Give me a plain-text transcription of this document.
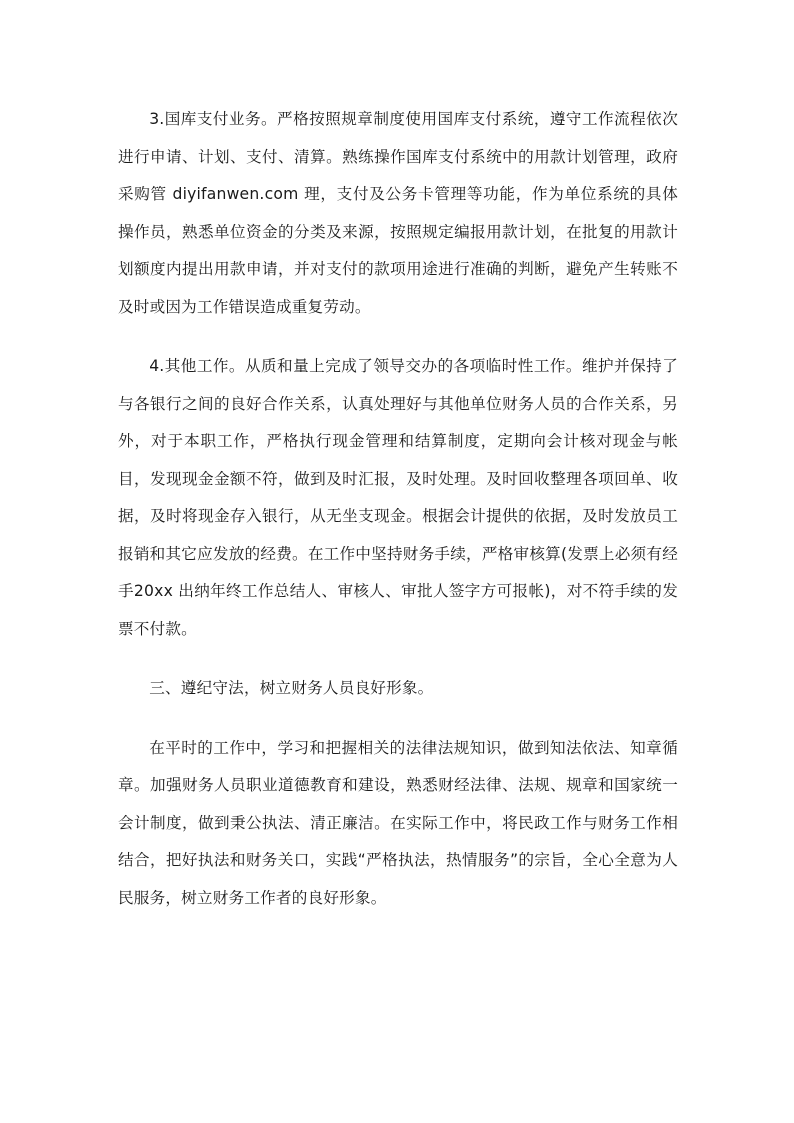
3.国库支付业务。严格按照规章制度使用国库支付系统，遵守工作流程依次进行申请、计划、支付、清算。熟练操作国库支付系统中的用款计划管理，政府采购管 diyifanwen.com 理，支付及公务卡管理等功能，作为单位系统的具体操作员，熟悉单位资金的分类及来源，按照规定编报用款计划，在批复的用款计划额度内提出用款申请，并对支付的款项用途进行准确的判断，避免产生转账不及时或因为工作错误造成重复劳动。

4.其他工作。从质和量上完成了领导交办的各项临时性工作。维护并保持了与各银行之间的良好合作关系，认真处理好与其他单位财务人员的合作关系，另外，对于本职工作，严格执行现金管理和结算制度，定期向会计核对现金与帐目，发现现金金额不符，做到及时汇报，及时处理。及时回收整理各项回单、收据，及时将现金存入银行，从无坐支现金。根据会计提供的依据，及时发放员工报销和其它应发放的经费。在工作中坚持财务手续，严格审核算(发票上必须有经手20xx 出纳年终工作总结人、审核人、审批人签字方可报帐)，对不符手续的发票不付款。

三、遵纪守法，树立财务人员良好形象。

在平时的工作中，学习和把握相关的法律法规知识，做到知法依法、知章循章。加强财务人员职业道德教育和建设，熟悉财经法律、法规、规章和国家统一会计制度，做到秉公执法、清正廉洁。在实际工作中，将民政工作与财务工作相结合，把好执法和财务关口，实践“严格执法，热情服务”的宗旨，全心全意为人民服务，树立财务工作者的良好形象。
